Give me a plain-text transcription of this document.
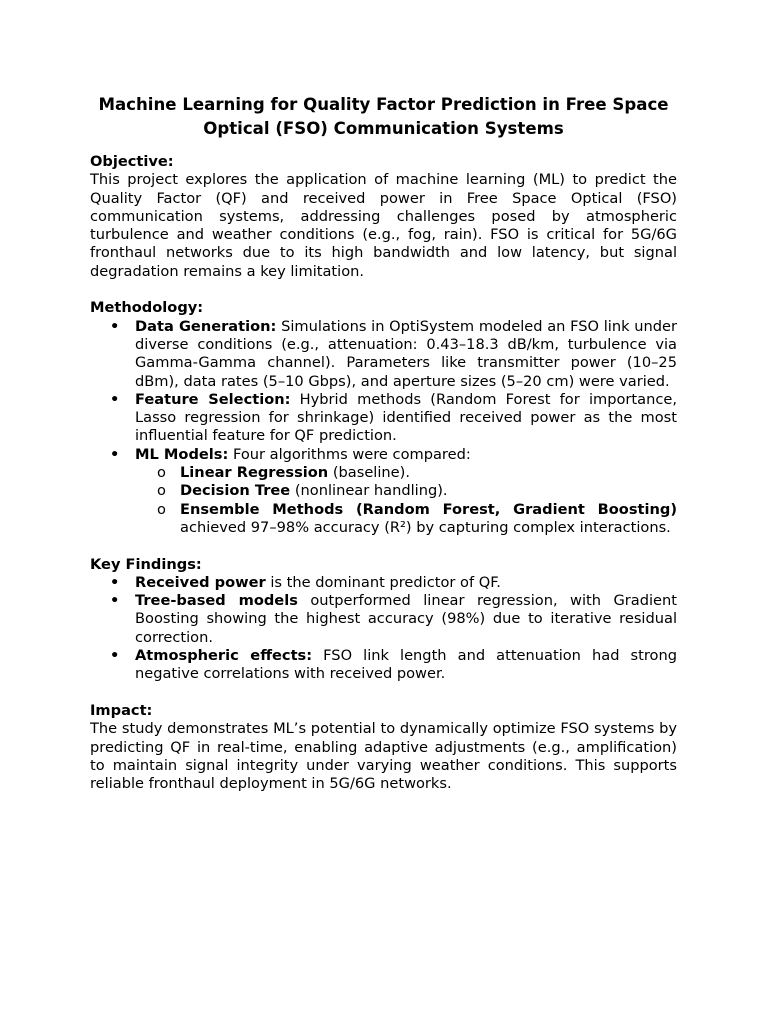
Machine Learning for Quality Factor Prediction in Free Space Optical (FSO) Communication Systems
Objective:

This project explores the application of machine learning (ML) to predict the Quality Factor (QF) and received power in Free Space Optical (FSO) communication systems, addressing challenges posed by atmospheric turbulence and weather conditions (e.g., fog, rain). FSO is critical for 5G/6G fronthaul networks due to its high bandwidth and low latency, but signal degradation remains a key limitation.

Methodology:
• Data Generation: Simulations in OptiSystem modeled an FSO link under diverse conditions (e.g., attenuation: 0.43–18.3 dB/km, turbulence via Gamma-Gamma channel). Parameters like transmitter power (10–25 dBm), data rates (5–10 Gbps), and aperture sizes (5–20 cm) were varied.
• Feature Selection: Hybrid methods (Random Forest for importance, Lasso regression for shrinkage) identified received power as the most influential feature for QF prediction.
• ML Models: Four algorithms were compared:
o Linear Regression (baseline).
o Decision Tree (nonlinear handling).
o Ensemble Methods (Random Forest, Gradient Boosting) achieved 97–98% accuracy (R²) by capturing complex interactions.
Key Findings:
• Received power is the dominant predictor of QF.
• Tree-based models outperformed linear regression, with Gradient Boosting showing the highest accuracy (98%) due to iterative residual correction.
• Atmospheric effects: FSO link length and attenuation had strong negative correlations with received power.
Impact:

The study demonstrates ML’s potential to dynamically optimize FSO systems by predicting QF in real-time, enabling adaptive adjustments (e.g., amplification) to maintain signal integrity under varying weather conditions. This supports reliable fronthaul deployment in 5G/6G networks.
